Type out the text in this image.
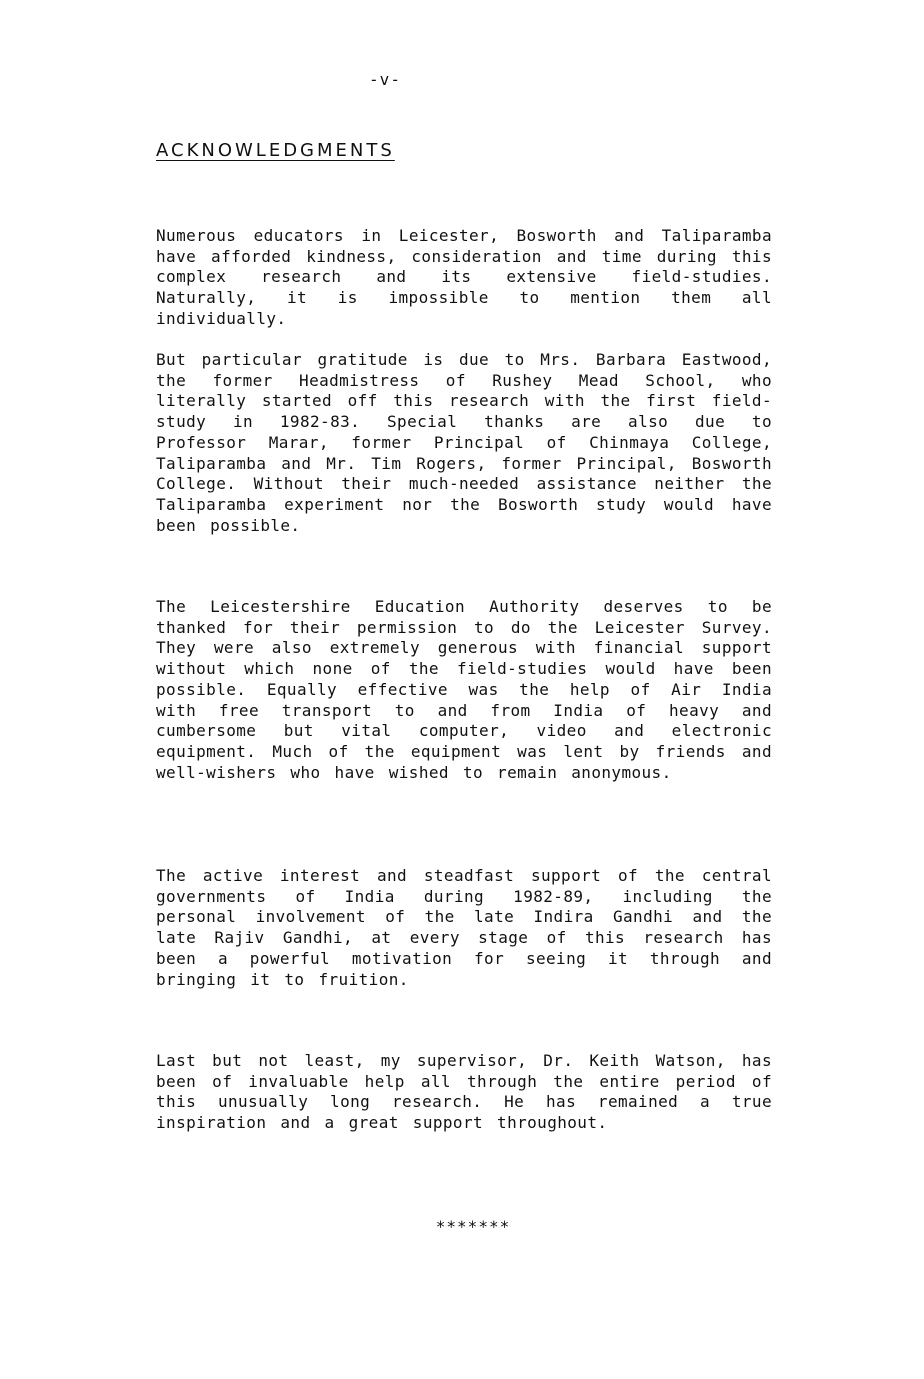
-v-
ACKNOWLEDGMENTS

Numerous educators in Leicester, Bosworth and Taliparamba have afforded kindness, consideration and time during this complex research and its extensive field-studies. Naturally, it is impossible to mention them all individually.

But particular gratitude is due to Mrs. Barbara Eastwood, the former Headmistress of Rushey Mead School, who literally started off this research with the first field-study in 1982-83. Special thanks are also due to Professor Marar, former Principal of Chinmaya College, Taliparamba and Mr. Tim Rogers, former Principal, Bosworth College. Without their much-needed assistance neither the Taliparamba experiment nor the Bosworth study would have been possible.

The Leicestershire Education Authority deserves to be thanked for their permission to do the Leicester Survey. They were also extremely generous with financial support without which none of the field-studies would have been possible. Equally effective was the help of Air India with free transport to and from India of heavy and cumbersome but vital computer, video and electronic equipment. Much of the equipment was lent by friends and well-wishers who have wished to remain anonymous.

The active interest and steadfast support of the central governments of India during 1982-89, including the personal involvement of the late Indira Gandhi and the late Rajiv Gandhi, at every stage of this research has been a powerful motivation for seeing it through and bringing it to fruition.

Last but not least, my supervisor, Dr. Keith Watson, has been of invaluable help all through the entire period of this unusually long research. He has remained a true inspiration and a great support throughout.

*******
